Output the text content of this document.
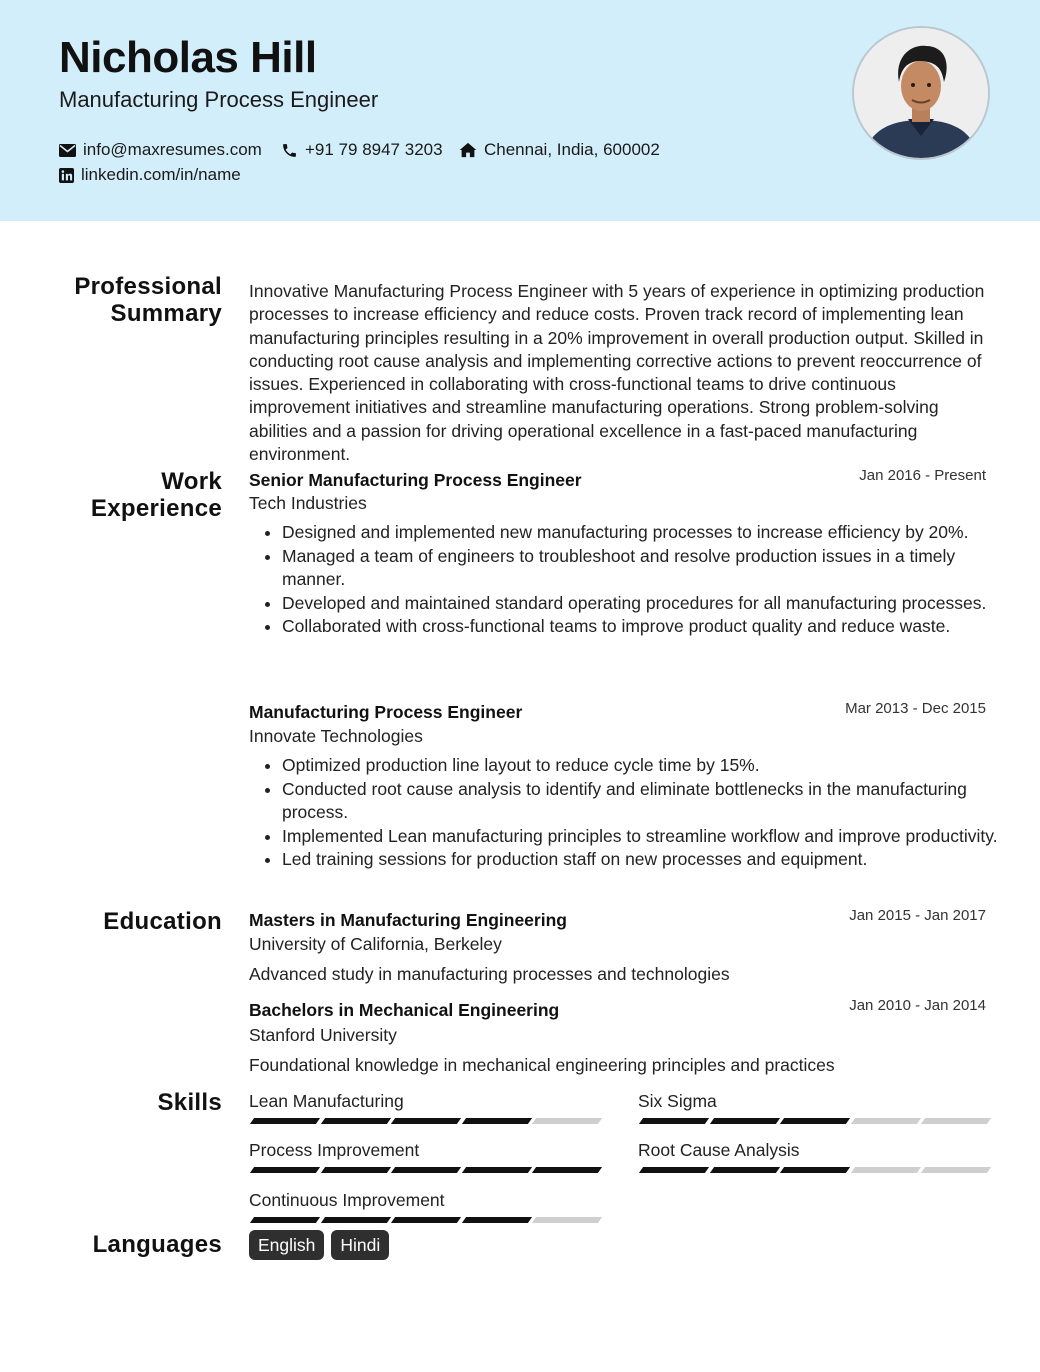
Nicholas Hill
Manufacturing Process Engineer
info@maxresumes.com	+91 79 8947 3203 Chennai, India, 600002
linkedin.com/in/name
Professional
Summary
Innovative Manufacturing Process Engineer with 5 years of experience in optimizing production processes to increase efficiency and reduce costs. Proven track record of implementing lean manufacturing principles resulting in a 20% improvement in overall production output. Skilled in conducting root cause analysis and implementing corrective actions to prevent reoccurrence of issues. Experienced in collaborating with cross-functional teams to drive continuous improvement initiatives and streamline manufacturing operations. Strong problem-solving abilities and a passion for driving operational excellence in a fast-paced manufacturing environment.
Work
Experience
Senior Manufacturing Process Engineer	Jan 2016 - Present
Tech Industries
• Designed and implemented new manufacturing processes to increase efficiency by 20%.
• Managed a team of engineers to troubleshoot and resolve production issues in a timely manner.
• Developed and maintained standard operating procedures for all manufacturing processes.
• Collaborated with cross-functional teams to improve product quality and reduce waste.
Manufacturing Process Engineer	Mar 2013 - Dec 2015
Innovate Technologies
• Optimized production line layout to reduce cycle time by 15%.
• Conducted root cause analysis to identify and eliminate bottlenecks in the manufacturing process.
• Implemented Lean manufacturing principles to streamline workflow and improve productivity.
• Led training sessions for production staff on new processes and equipment.
Education Masters in Manufacturing Engineering	Jan 2015 - Jan 2017
University of California, Berkeley
Advanced study in manufacturing processes and technologies
Bachelors in Mechanical Engineering	Jan 2010 - Jan 2014
Stanford University
Foundational knowledge in mechanical engineering principles and practices
Skills Lean Manufacturing	Six Sigma
Process Improvement	Root Cause Analysis
Continuous Improvement
Languages	English	Hindi
